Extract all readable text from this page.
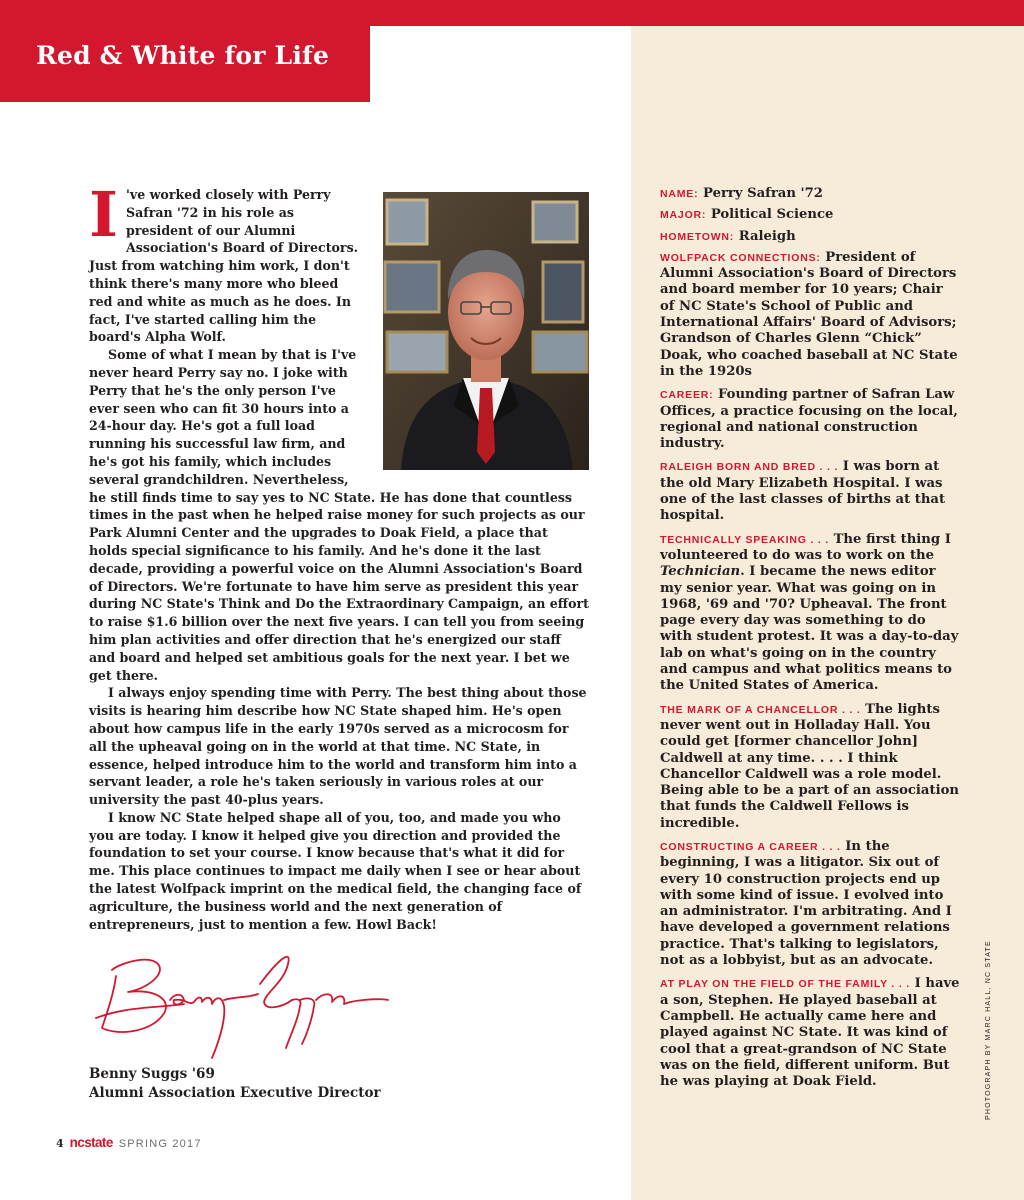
Red & White for Life

I 've worked closely with Perry Safran '72 in his role as president of our Alumni Association's Board of Directors. Just from watching him work, I don't think there's many more who bleed red and white as much as he does. In fact, I've started calling him the board's Alpha Wolf.

Some of what I mean by that is I've never heard Perry say no. I joke with Perry that he's the only person I've ever seen who can fit 30 hours into a 24-hour day. He's got a full load running his successful law firm, and he's got his family, which includes several grandchildren. Nevertheless, he still finds time to say yes to NC State. He has done that countless times in the past when he helped raise money for such projects as our Park Alumni Center and the upgrades to Doak Field, a place that holds special significance to his family. And he's done it the last decade, providing a powerful voice on the Alumni Association's Board of Directors. We're fortunate to have him serve as president this year during NC State's Think and Do the Extraordinary Campaign, an effort to raise $1.6 billion over the next five years. I can tell you from seeing him plan activities and offer direction that he's energized our staff and board and helped set ambitious goals for the next year. I bet we get there.

I always enjoy spending time with Perry. The best thing about those visits is hearing him describe how NC State shaped him. He's open about how campus life in the early 1970s served as a microcosm for all the upheaval going on in the world at that time. NC State, in essence, helped introduce him to the world and transform him into a servant leader, a role he's taken seriously in various roles at our university the past 40-plus years.

I know NC State helped shape all of you, too, and made you who you are today. I know it helped give you direction and provided the foundation to set your course. I know because that's what it did for me. This place continues to impact me daily when I see or hear about the latest Wolfpack imprint on the medical field, the changing face of agriculture, the business world and the next generation of entrepreneurs, just to mention a few. Howl Back!

Benny Suggs '69
Alumni Association Executive Director
4 ncstate SPRING 2017
NAME: Perry Safran '72
MAJOR: Political Science
HOMETOWN: Raleigh
WOLFPACK CONNECTIONS: President of Alumni Association's Board of Directors and board member for 10 years; Chair of NC State's School of Public and International Affairs' Board of Advisors; Grandson of Charles Glenn “Chick” Doak, who coached baseball at NC State in the 1920s
CAREER: Founding partner of Safran Law Offices, a practice focusing on the local, regional and national construction industry.
RALEIGH BORN AND BRED . . . I was born at the old Mary Elizabeth Hospital. I was one of the last classes of births at that hospital.
TECHNICALLY SPEAKING . . . The first thing I volunteered to do was to work on the Technician. I became the news editor my senior year. What was going on in 1968, '69 and '70? Upheaval. The front page every day was something to do with student protest. It was a day-to-day lab on what's going on in the country and campus and what politics means to the United States of America.
THE MARK OF A CHANCELLOR . . . The lights never went out in Holladay Hall. You could get [former chancellor John] Caldwell at any time. . . . I think Chancellor Caldwell was a role model. Being able to be a part of an association that funds the Caldwell Fellows is incredible.
CONSTRUCTING A CAREER . . . In the beginning, I was a litigator. Six out of every 10 construction projects end up with some kind of issue. I evolved into an administrator. I'm arbitrating. And I have developed a government relations practice. That's talking to legislators, not as a lobbyist, but as an advocate.
AT PLAY ON THE FIELD OF THE FAMILY . . . I have a son, Stephen. He played baseball at Campbell. He actually came here and played against NC State. It was kind of cool that a great-grandson of NC State was on the field, different uniform. But he was playing at Doak Field.	PHOTOGRAPH BY MARC HALL, NC STATE
